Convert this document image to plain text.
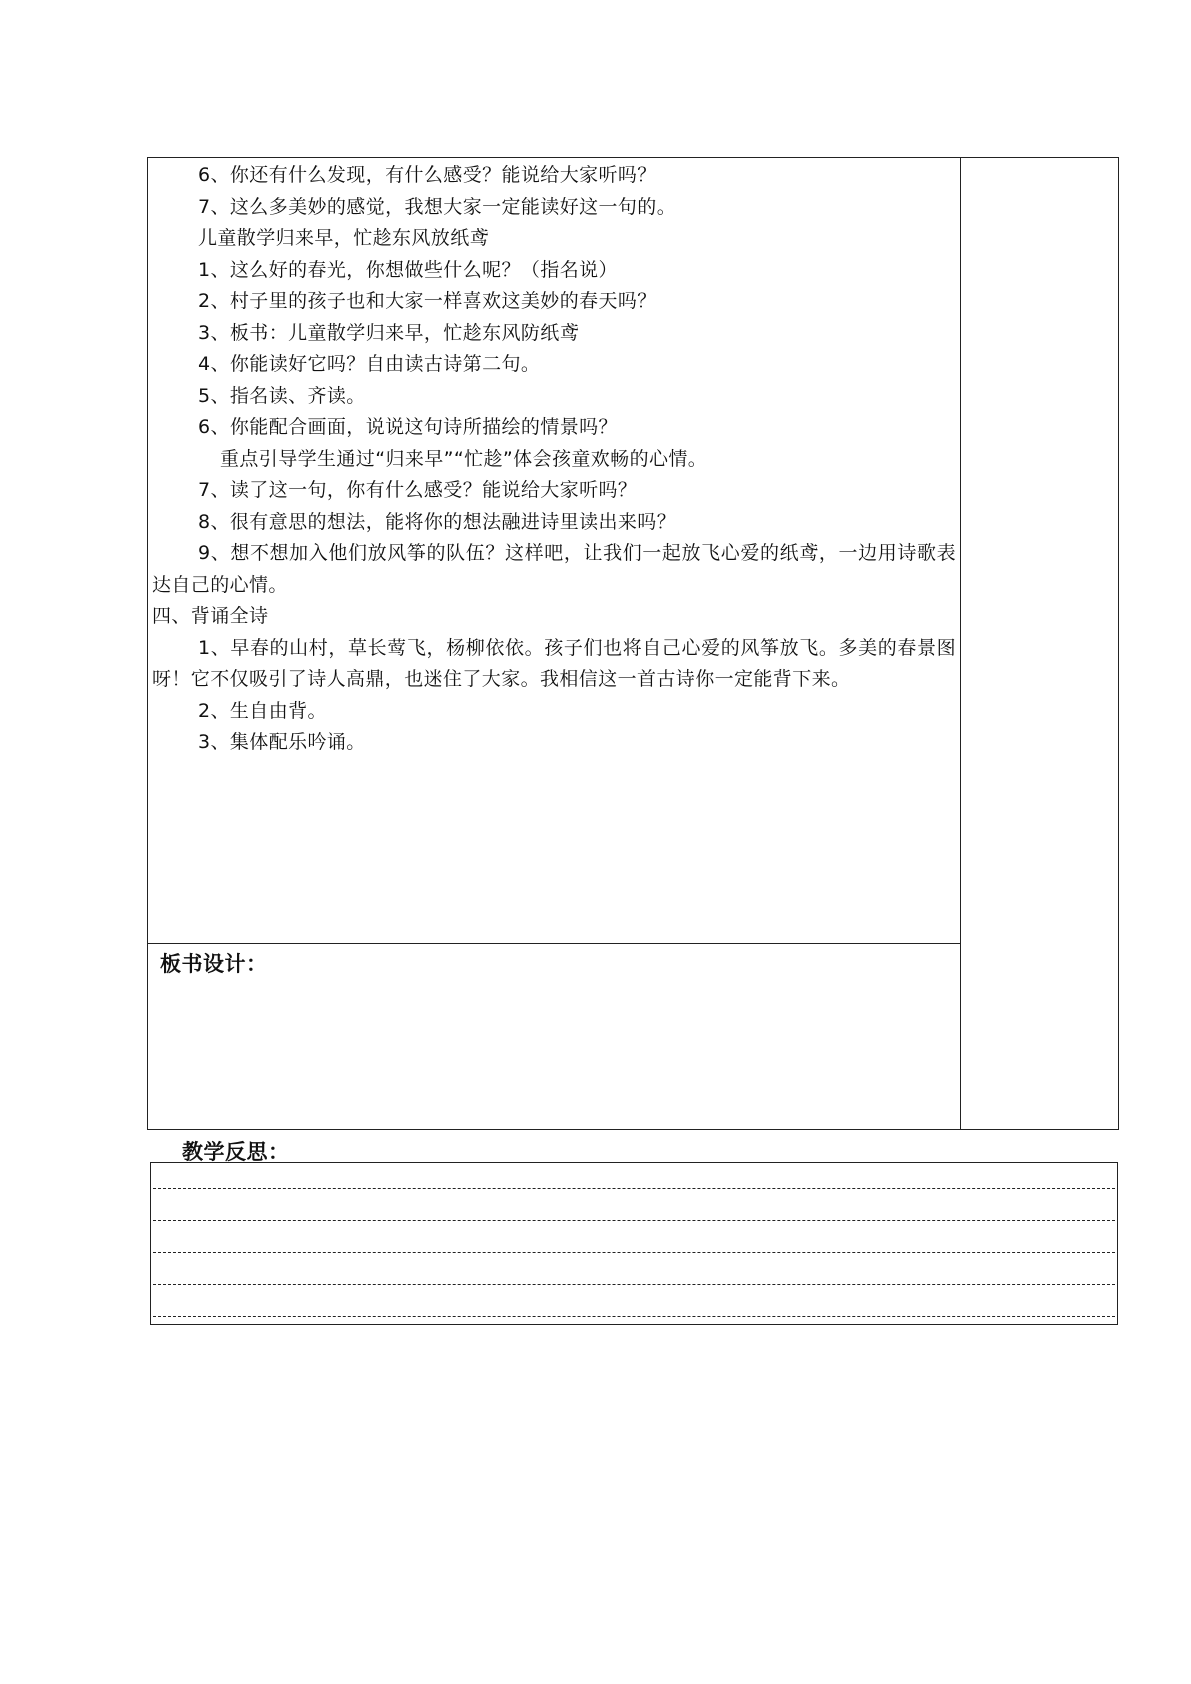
6、你还有什么发现，有什么感受？能说给大家听吗？

7、这么多美妙的感觉，我想大家一定能读好这一句的。

儿童散学归来早，忙趁东风放纸鸢

1、这么好的春光，你想做些什么呢？（指名说）

2、村子里的孩子也和大家一样喜欢这美妙的春天吗？

3、板书：儿童散学归来早，忙趁东风防纸鸢

4、你能读好它吗？自由读古诗第二句。

5、指名读、齐读。

6、你能配合画面，说说这句诗所描绘的情景吗？

重点引导学生通过“归来早”“忙趁”体会孩童欢畅的心情。

7、读了这一句，你有什么感受？能说给大家听吗？

8、很有意思的想法，能将你的想法融进诗里读出来吗？

9、想不想加入他们放风筝的队伍？这样吧，让我们一起放飞心爱的纸鸢，一边用诗歌表达自己的心情。

四、背诵全诗

1、早春的山村，草长莺飞，杨柳依依。孩子们也将自己心爱的风筝放飞。多美的春景图呀！它不仅吸引了诗人高鼎，也迷住了大家。我相信这一首古诗你一定能背下来。

2、生自由背。

3、集体配乐吟诵。

板书设计：
教学反思：
